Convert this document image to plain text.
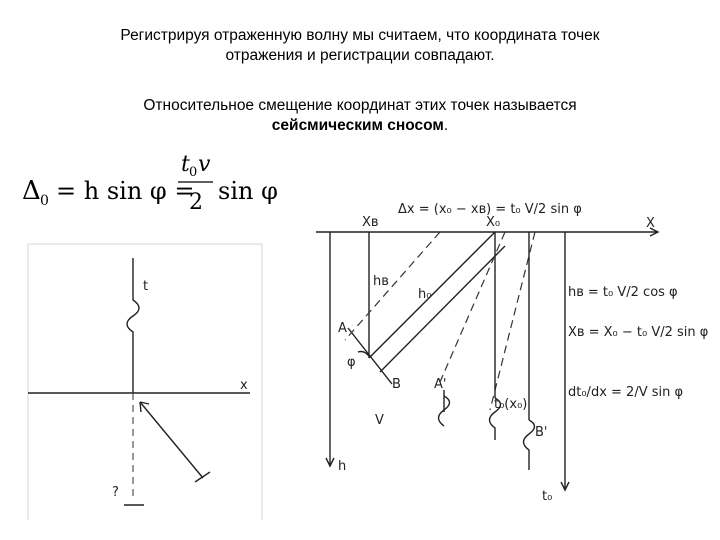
Регистрируя отраженную волну мы считаем, что координата точек
отражения и регистрации совпадают.
Относительное смещение координат этих точек называется
сейсмическим сносом.
Δ 0 = h sin φ =
t 0 v
2 sin φ
x
t
?
Δx = (x₀ − xʙ) = t₀ V/2 sin φ
X
Xʙ	X₀
h
hʙ
A
B
φ
h₀
t₀(x₀)
A'
B'
t₀
V
hʙ = t₀ V/2 cos φ
Xʙ = X₀ − t₀ V/2 sin φ
dt₀/dx = 2/V sin φ
